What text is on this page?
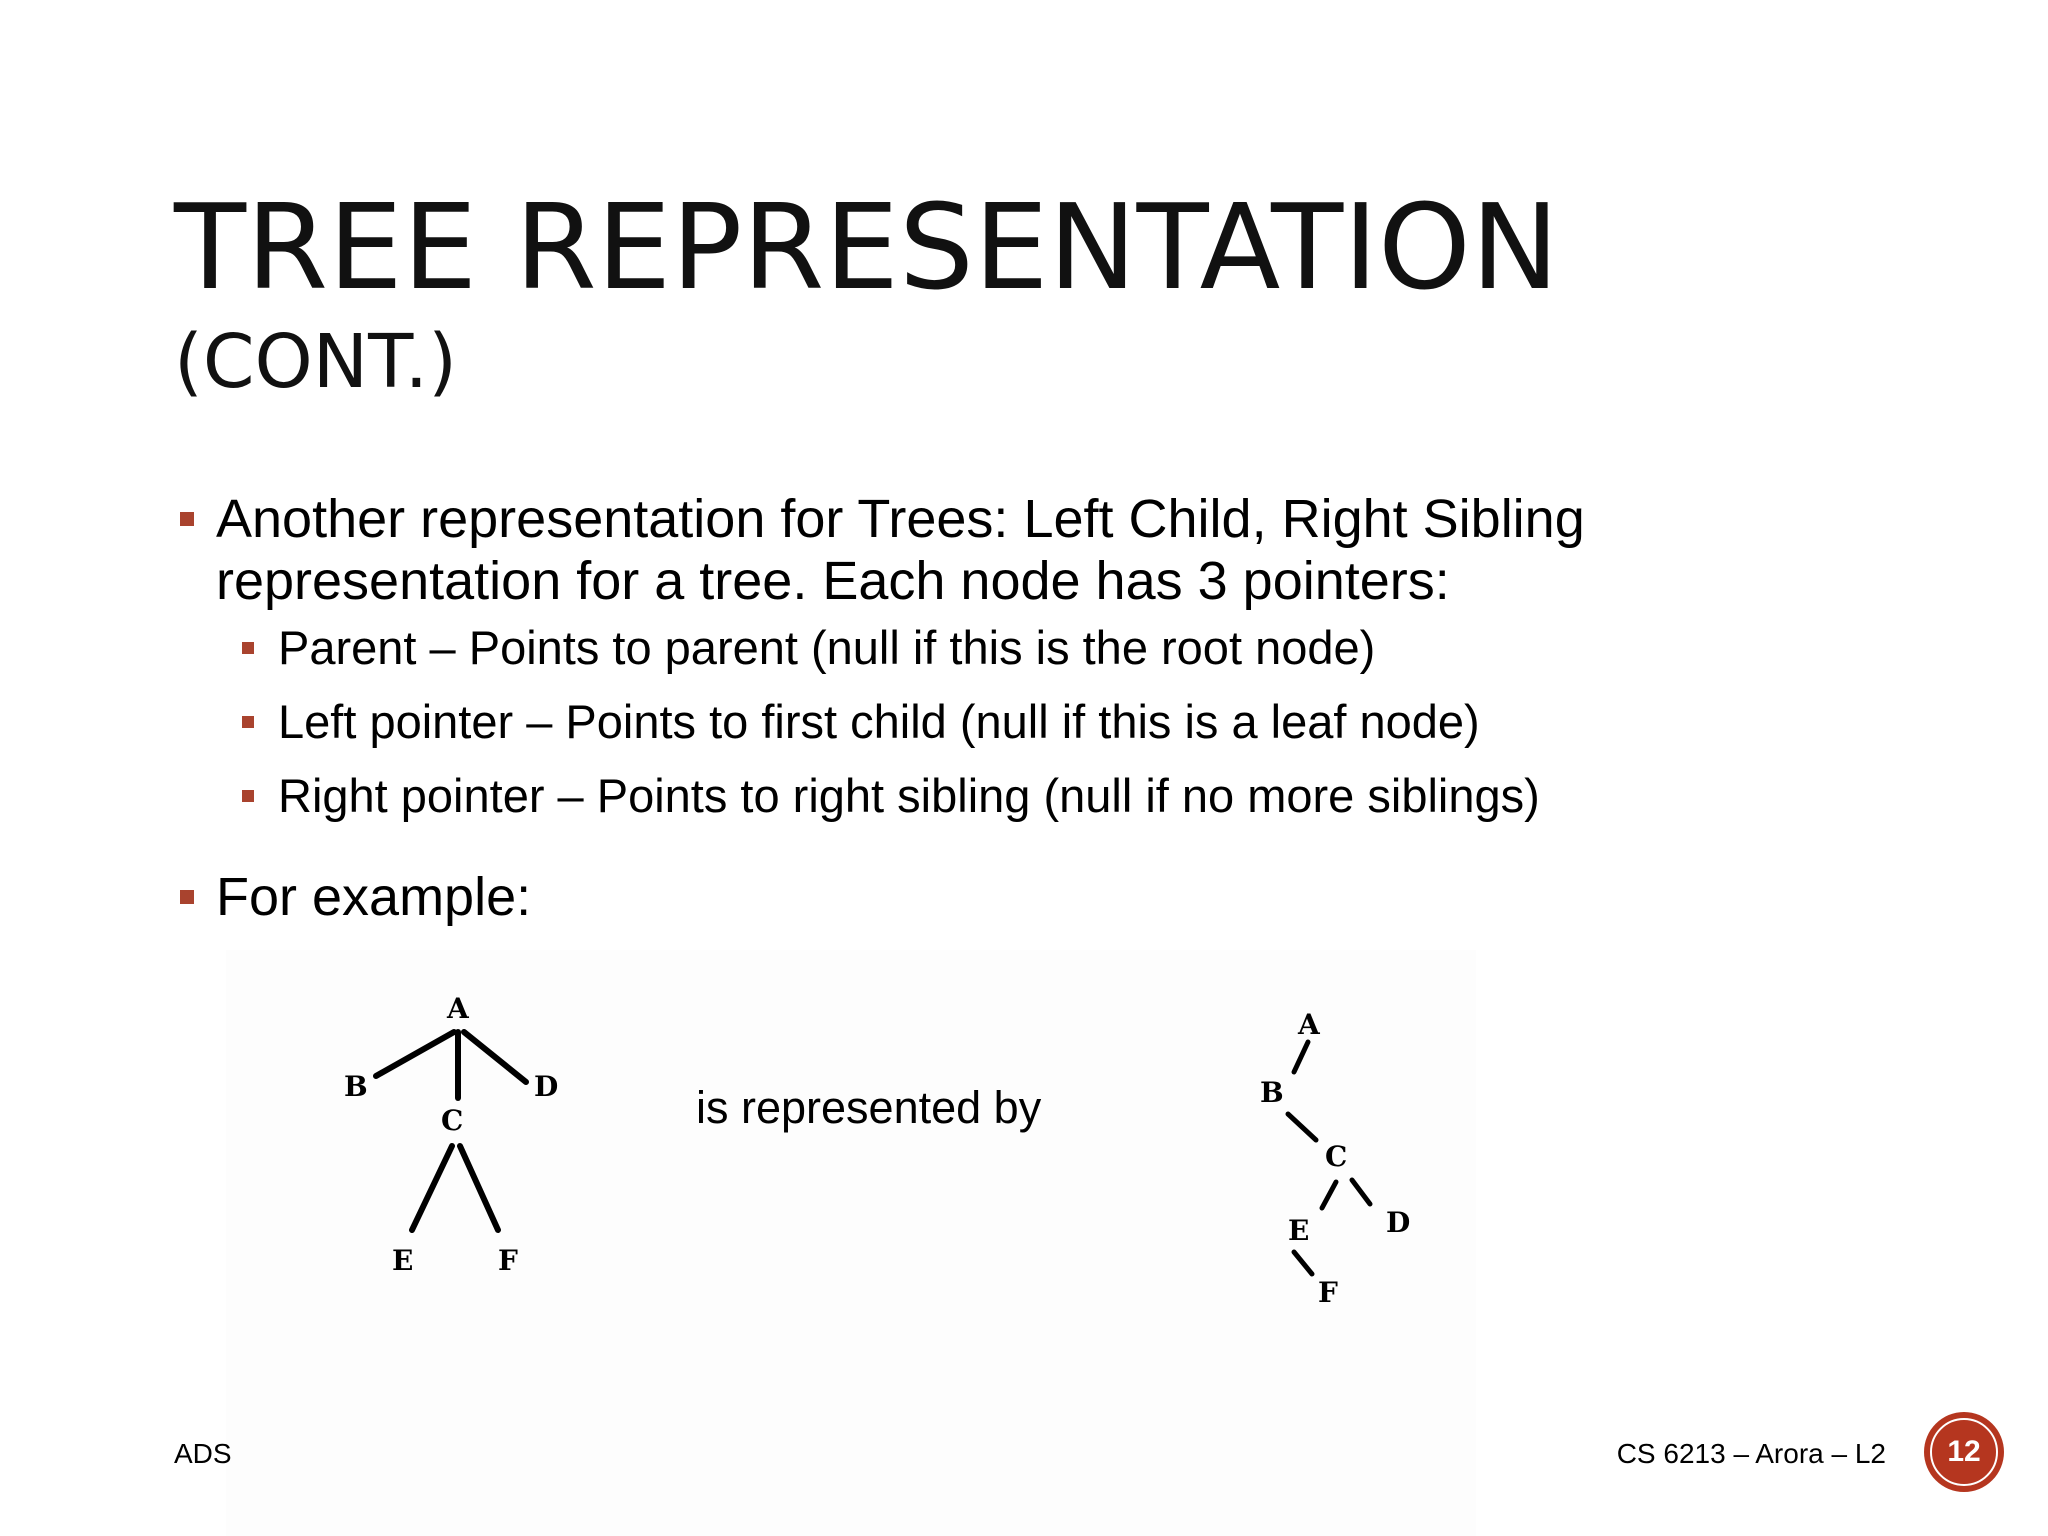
TREE REPRESENTATION
(CONT.)
Another representation for Trees: Left Child, Right Sibling representation for a tree. Each node has 3 pointers:
Parent – Points to parent (null if this is the root node)
Left pointer – Points to first child (null if this is a leaf node)
Right pointer – Points to right sibling (null if no more siblings)
For example:
A
B
C
D
E	F
is represented by
A
B
C
D
E
F
ADS	CS 6213 – Arora – L2	12
